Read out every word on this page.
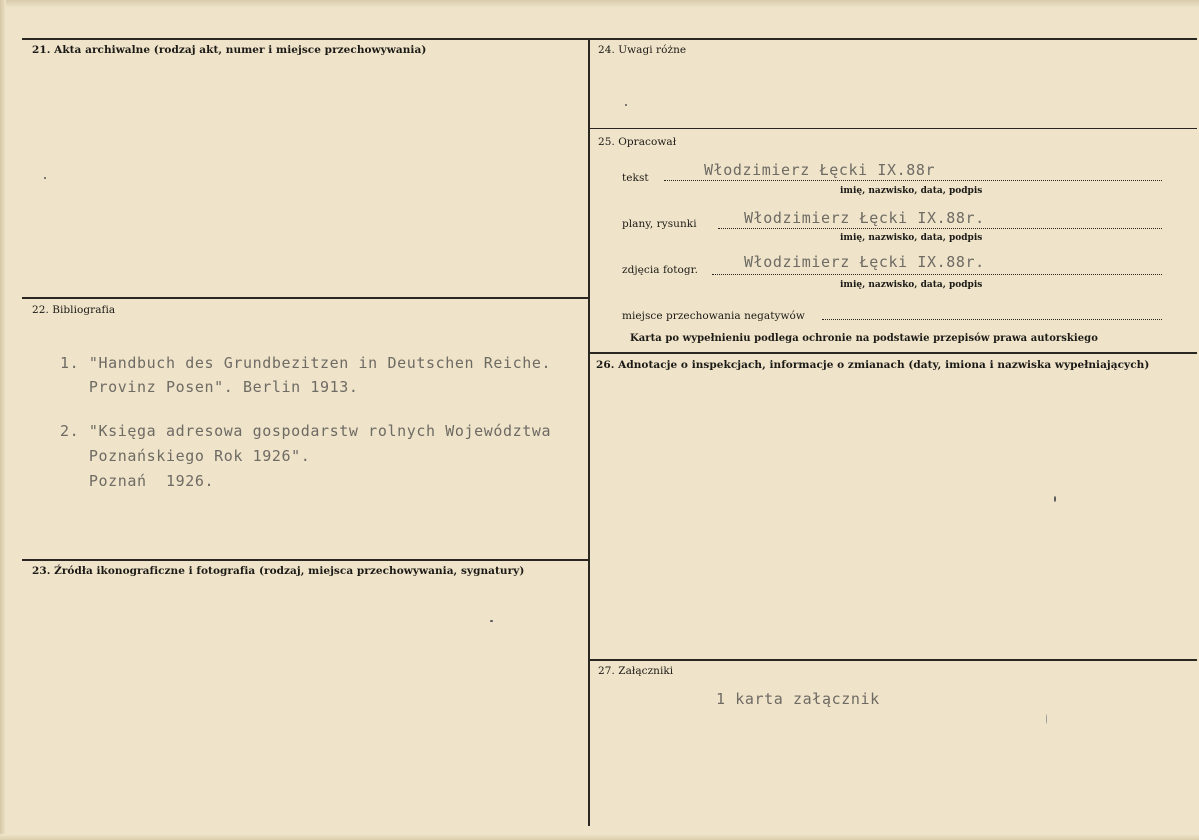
21. Akta archiwalne (rodzaj akt, numer i miejsce przechowywania)
22. Bibliografia
1. "Handbuch des Grundbezitzen in Deutschen Reiche.
Provinz Posen". Berlin 1913.
2. "Księga adresowa gospodarstw rolnych Województwa
Poznańskiego Rok 1926".
Poznań  1926.
23. Źródła ikonograficzne i fotografia (rodzaj, miejsca przechowywania, sygnatury)
24. Uwagi różne
25. Opracował
tekst	Włodzimierz Łęcki IX.88r
imię, nazwisko, data, podpis
plany, rysunki	Włodzimierz Łęcki IX.88r.
imię, nazwisko, data, podpis
zdjęcia fotogr.	Włodzimierz Łęcki IX.88r.
imię, nazwisko, data, podpis
miejsce przechowania negatywów
Karta po wypełnieniu podlega ochronie na podstawie przepisów prawa autorskiego
26. Adnotacje o inspekcjach, informacje o zmianach (daty, imiona i nazwiska wypełniających)
27. Załączniki
1 karta załącznik
